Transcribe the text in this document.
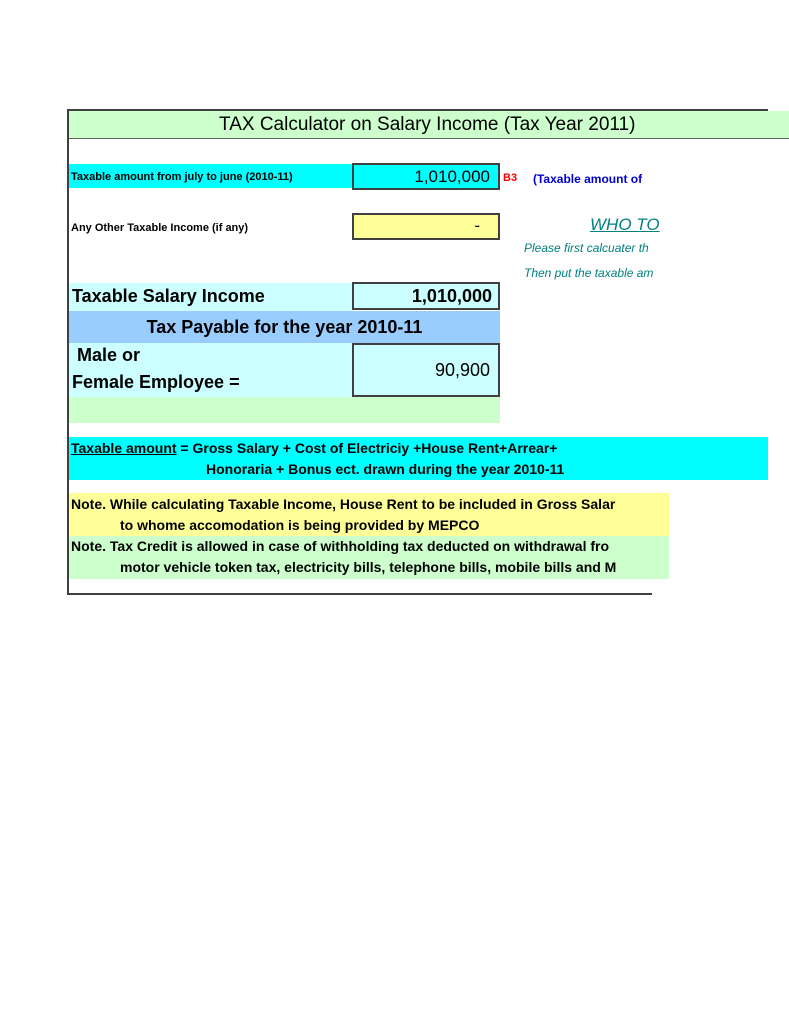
TAX Calculator on Salary Income (Tax Year 2011)
Taxable amount from july to june (2010-11)	1,010,000	B3 (Taxable amount of
Any Other Taxable Income (if any)	-	WHO TO
Please first calcuater th
Then put the taxable am
Taxable Salary Income	1,010,000
Tax Payable for the year 2010-11
Male or
Female Employee =
90,900
Taxable amount = Gross Salary + Cost of Electriciy +House Rent+Arrear+
Honoraria + Bonus ect. drawn during the year 2010-11
Note. While calculating Taxable Income, House Rent to be included in Gross Salar
to whome accomodation is being provided by MEPCO
Note. Tax Credit is allowed in case of withholding tax deducted on withdrawal fro
motor vehicle token tax, electricity bills, telephone bills, mobile bills and M
